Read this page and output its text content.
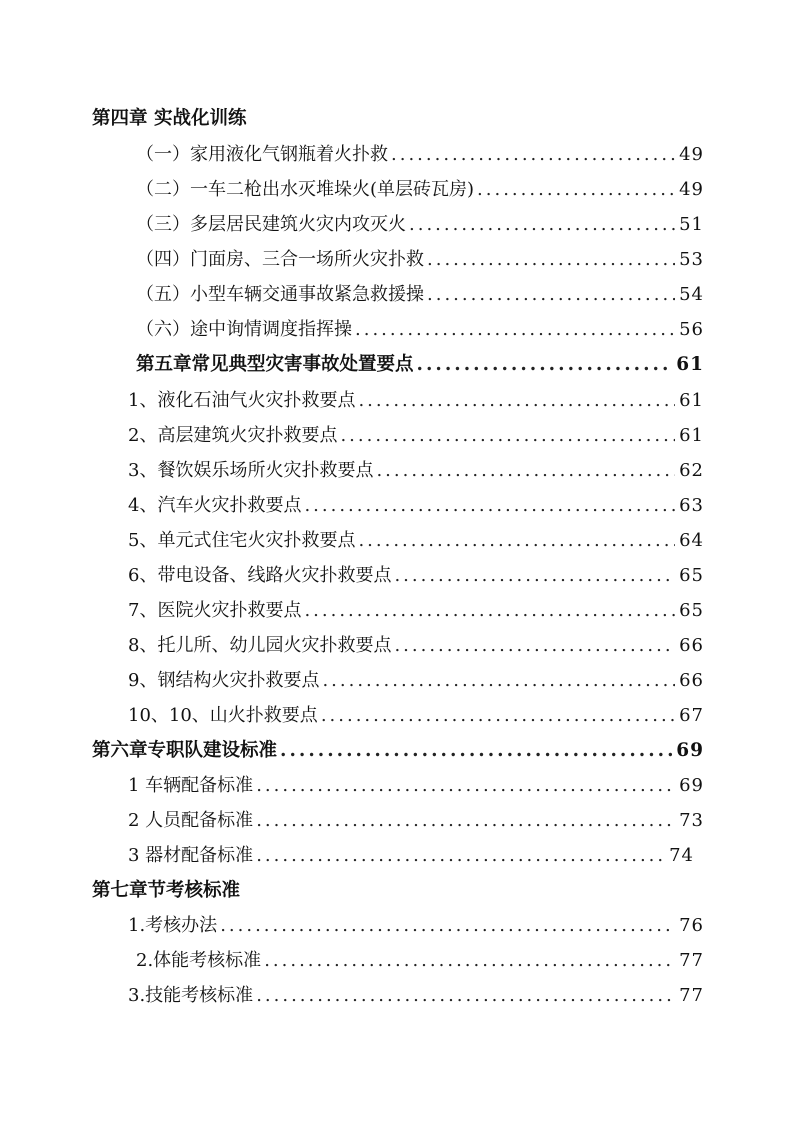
第四章 实战化训练
（一）家用液化气钢瓶着火扑救 .....	49
（二）一车二枪出水灭堆垛火(单层砖瓦房) .....	49
（三）多层居民建筑火灾内攻灭火 .....	51
（四）门面房、三合一场所火灾扑救 .....	53
（五）小型车辆交通事故紧急救援操 .....	54
（六）途中询情调度指挥操 .....	56
第五章常见典型灾害事故处置要点 .....	61
1、液化石油气火灾扑救要点 .....	61
2、高层建筑火灾扑救要点 .....	61
3、餐饮娱乐场所火灾扑救要点 .....	62
4、汽车火灾扑救要点 .....	63
5、单元式住宅火灾扑救要点 .....	64
6、带电设备、线路火灾扑救要点 .....	65
7、医院火灾扑救要点 .....	65
8、托儿所、幼儿园火灾扑救要点 .....	66
9、钢结构火灾扑救要点 .....	66
10、10、山火扑救要点 .....	67
第六章专职队建设标准 .....	69
1 车辆配备标准 .....	69
2 人员配备标准 .....	73
3 器材配备标准 .....	74
第七章节考核标准
1.考核办法 .....	76
2.体能考核标准 .....	77
3.技能考核标准 .....	77
